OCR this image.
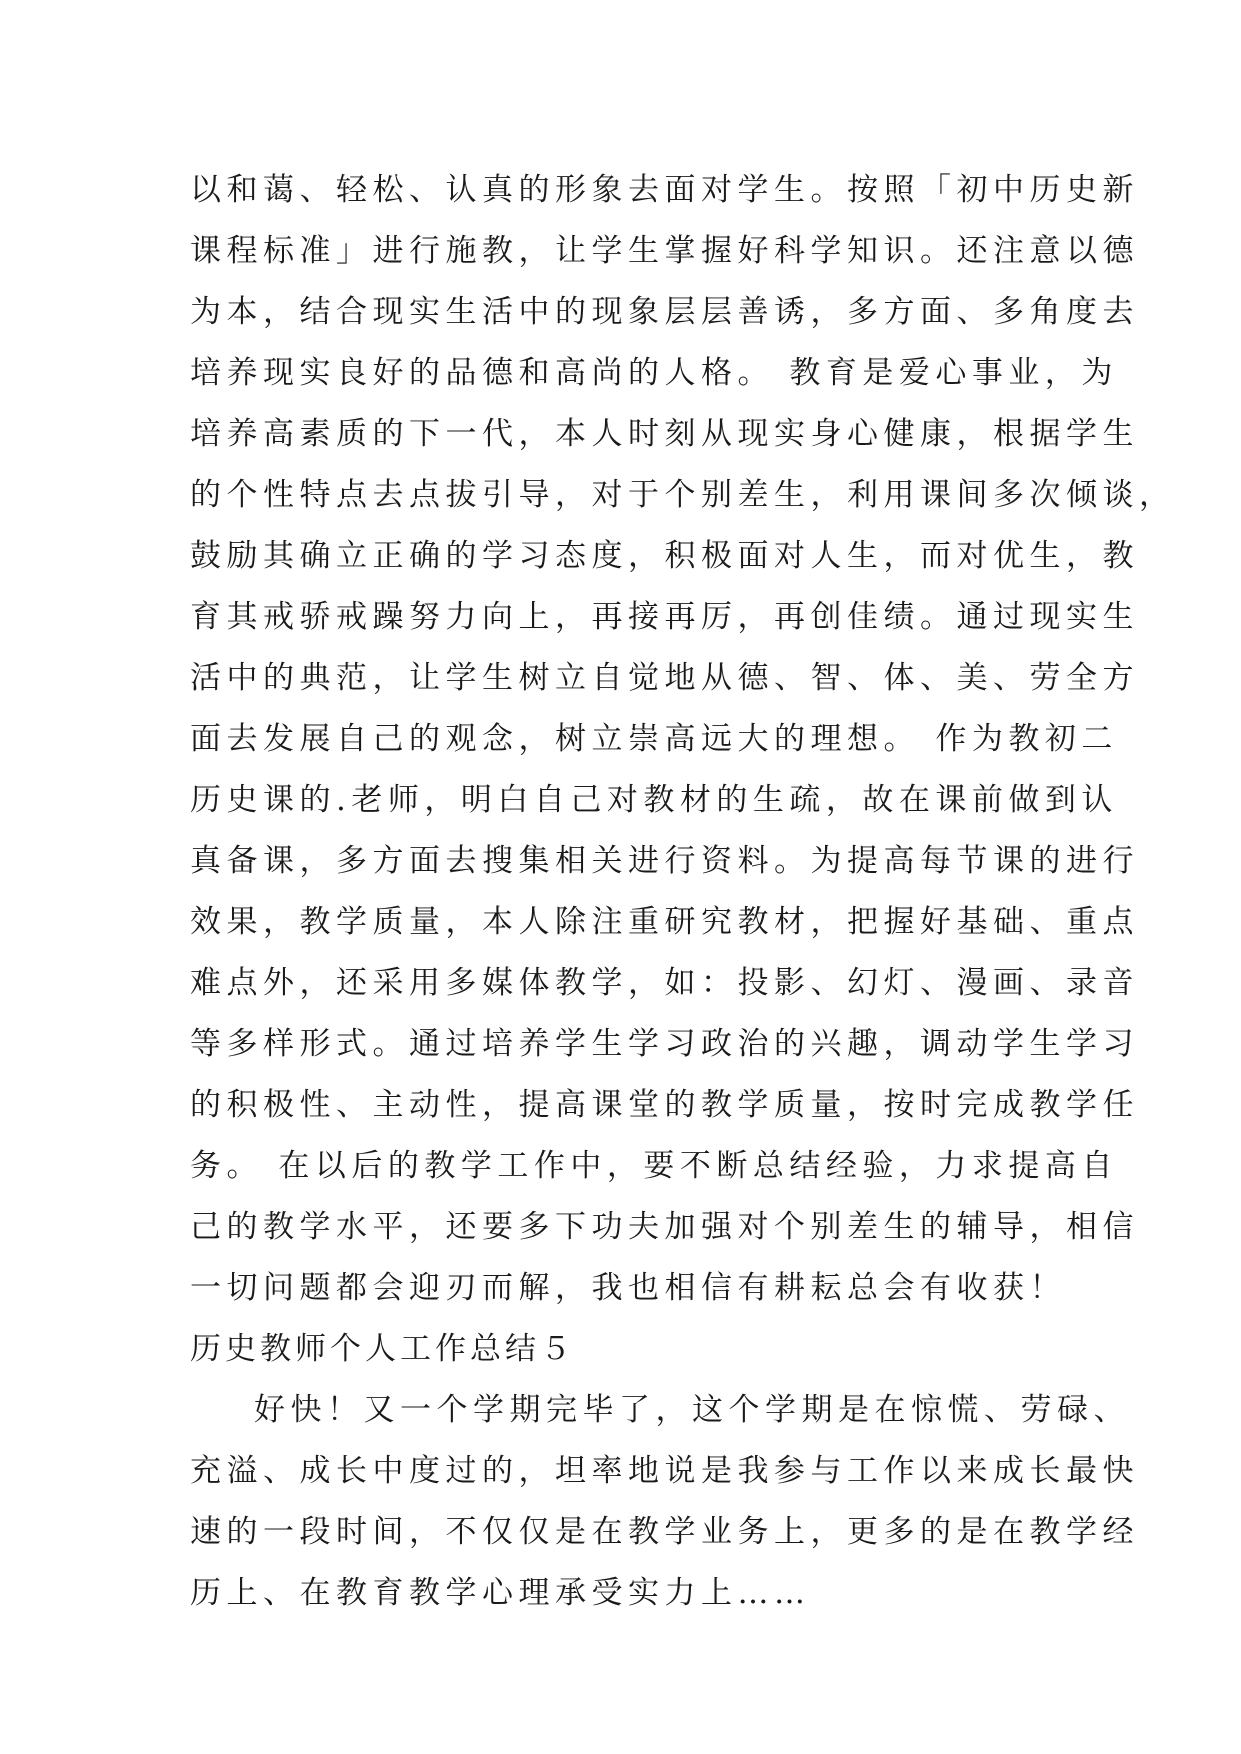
以和蔼、轻松、认真的形象去面对学生。按照「初中历史新
课程标准」进行施教，让学生掌握好科学知识。还注意以德
为本，结合现实生活中的现象层层善诱，多方面、多角度去
培养现实良好的品德和高尚的人格。 教育是爱心事业，为
培养高素质的下一代，本人时刻从现实身心健康，根据学生
的个性特点去点拔引导，对于个别差生，利用课间多次倾谈，
鼓励其确立正确的学习态度，积极面对人生，而对优生，教
育其戒骄戒躁努力向上，再接再厉，再创佳绩。通过现实生
活中的典范，让学生树立自觉地从德、智、体、美、劳全方
面去发展自己的观念，树立崇高远大的理想。 作为教初二
历史课的.老师，明白自己对教材的生疏，故在课前做到认
真备课，多方面去搜集相关进行资料。为提高每节课的进行
效果，教学质量，本人除注重研究教材，把握好基础、重点
难点外，还采用多媒体教学，如：投影、幻灯、漫画、录音
等多样形式。通过培养学生学习政治的兴趣，调动学生学习
的积极性、主动性，提高课堂的教学质量，按时完成教学任
务。 在以后的教学工作中，要不断总结经验，力求提高自
己的教学水平，还要多下功夫加强对个别差生的辅导，相信
一切问题都会迎刃而解，我也相信有耕耘总会有收获！
历史教师个人工作总结５
好快！又一个学期完毕了，这个学期是在惊慌、劳碌、
充溢、成长中度过的，坦率地说是我参与工作以来成长最快
速的一段时间，不仅仅是在教学业务上，更多的是在教学经
历上、在教育教学心理承受实力上……
